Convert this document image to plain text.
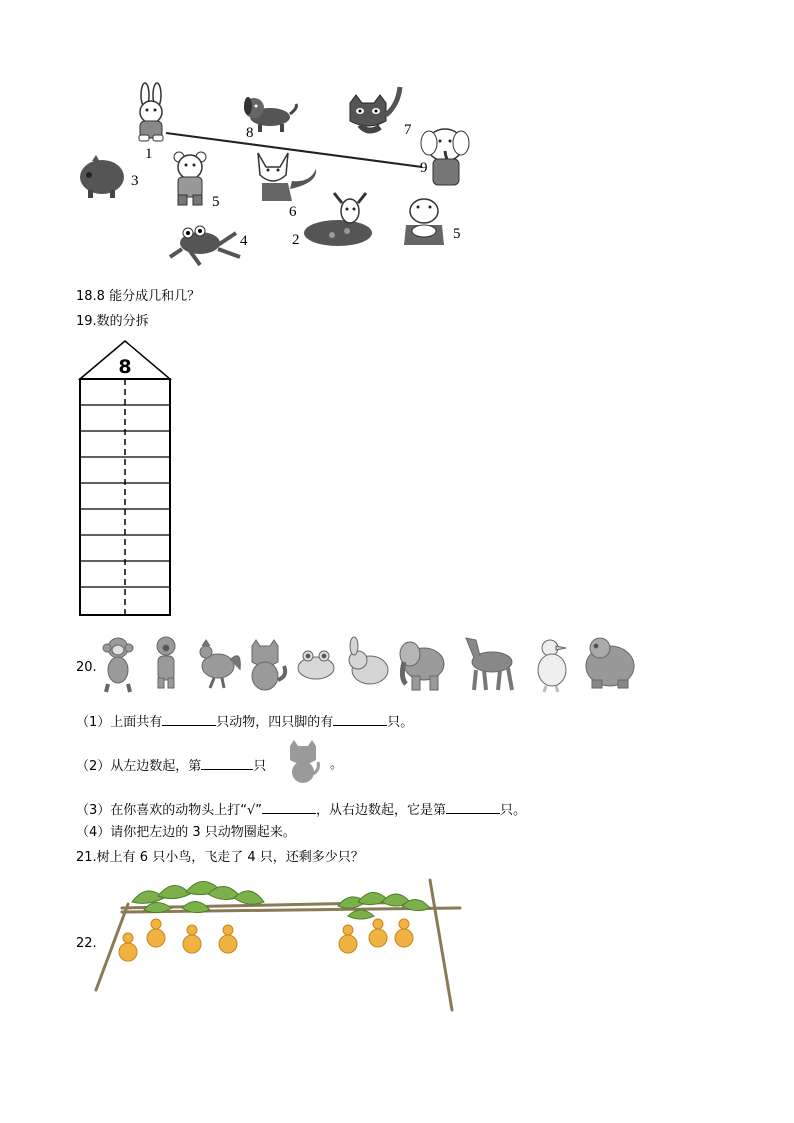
1
8	7
3
9
5
6
4	2	5
18.8 能分成几和几？
19.数的分拆
8
20.
（1）上面共有	只动物，四只脚的有	只。
（2）从左边数起，第	只	。
（3）在你喜欢的动物头上打“√”	，从右边数起，它是第	只。
（4）请你把左边的 3 只动物圈起来。
21.树上有 6 只小鸟，飞走了 4 只，还剩多少只？
22.
